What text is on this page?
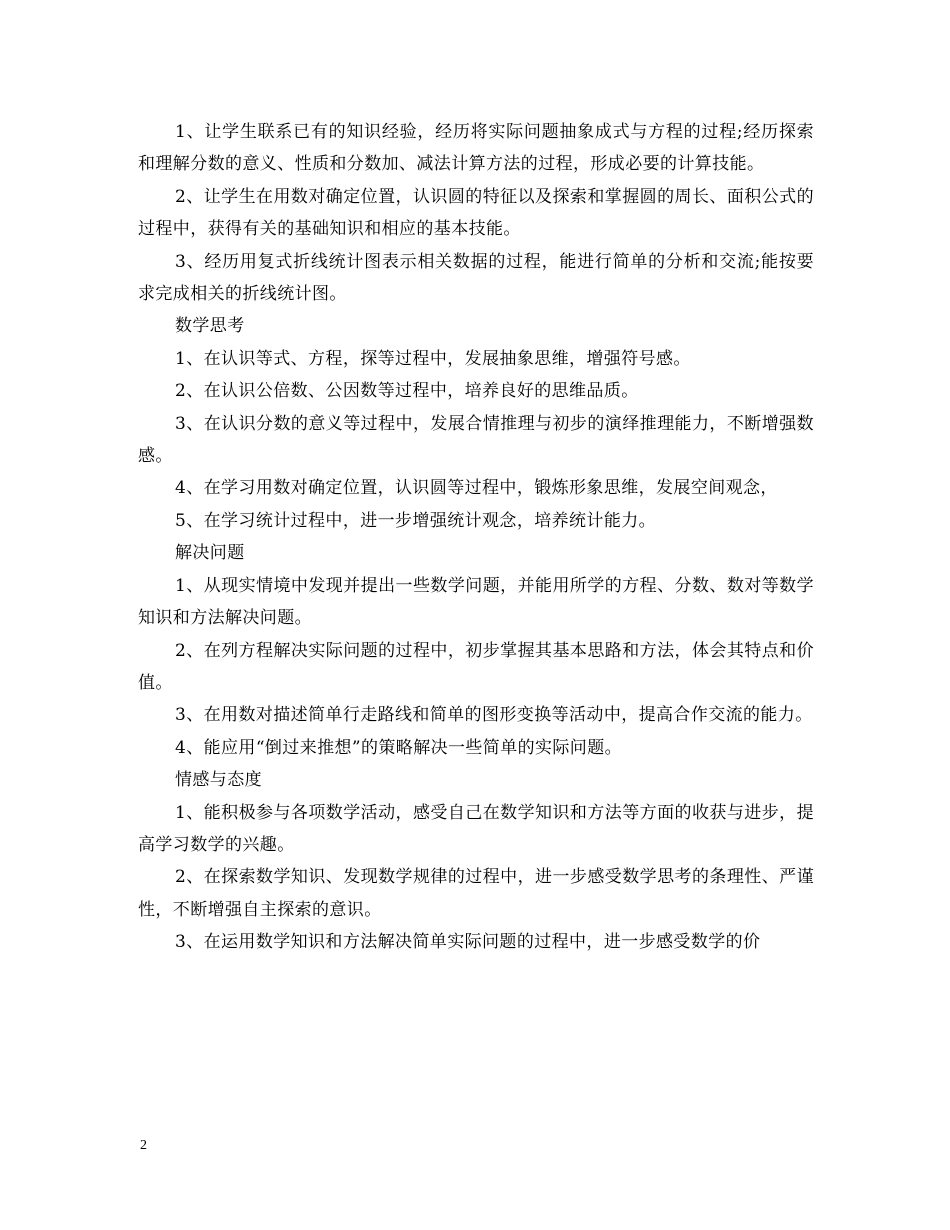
1、让学生联系已有的知识经验，经历将实际问题抽象成式与方程的过程;经历探索和理解分数的意义、性质和分数加、减法计算方法的过程，形成必要的计算技能。

2、让学生在用数对确定位置，认识圆的特征以及探索和掌握圆的周长、面积公式的过程中，获得有关的基础知识和相应的基本技能。

3、经历用复式折线统计图表示相关数据的过程，能进行简单的分析和交流;能按要求完成相关的折线统计图。

数学思考

1、在认识等式、方程，探等过程中，发展抽象思维，增强符号感。

2、在认识公倍数、公因数等过程中，培养良好的思维品质。

3、在认识分数的意义等过程中，发展合情推理与初步的演绎推理能力，不断增强数感。

4、在学习用数对确定位置，认识圆等过程中，锻炼形象思维，发展空间观念，

5、在学习统计过程中，进一步增强统计观念，培养统计能力。

解决问题

1、从现实情境中发现并提出一些数学问题，并能用所学的方程、分数、数对等数学知识和方法解决问题。

2、在列方程解决实际问题的过程中，初步掌握其基本思路和方法，体会其特点和价值。

3、在用数对描述简单行走路线和简单的图形变换等活动中，提高合作交流的能力。

4、能应用“倒过来推想”的策略解决一些简单的实际问题。

情感与态度

1、能积极参与各项数学活动，感受自己在数学知识和方法等方面的收获与进步，提高学习数学的兴趣。

2、在探索数学知识、发现数学规律的过程中，进一步感受数学思考的条理性、严谨性，不断增强自主探索的意识。

3、在运用数学知识和方法解决简单实际问题的过程中，进一步感受数学的价

2
